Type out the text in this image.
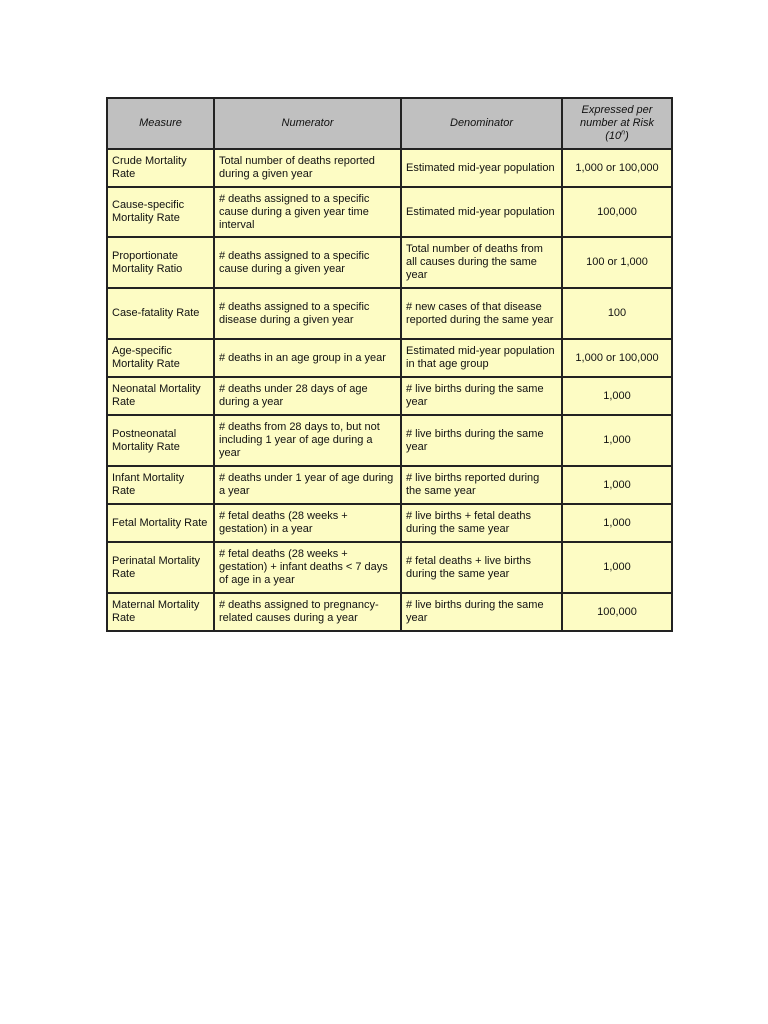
Measure	Numerator	Denominator	Expressed per number at Risk (10$^n$)
Crude Mortality Rate	Total number of deaths reported during a given year	Estimated mid-year population	1,000 or 100,000
Cause-specific Mortality Rate	# deaths assigned to a specific cause during a given year time interval	Estimated mid-year population	100,000
Proportionate Mortality Ratio	# deaths assigned to a specific cause during a given year	Total number of deaths from all causes during the same year	100 or 1,000
Case-fatality Rate	# deaths assigned to a specific disease during a given year	# new cases of that disease reported during the same year	100
Age-specific Mortality Rate	# deaths in an age group in a year	Estimated mid-year population in that age group	1,000 or 100,000
Neonatal Mortality Rate	# deaths under 28 days of age during a year	# live births during the same year	1,000
Postneonatal Mortality Rate	# deaths from 28 days to, but not including 1 year of age during a year	# live births during the same year	1,000
Infant Mortality Rate	# deaths under 1 year of age during a year	# live births reported during the same year	1,000
Fetal Mortality Rate	# fetal deaths (28 weeks + gestation) in a year	# live births + fetal deaths during the same year	1,000
Perinatal Mortality Rate	# fetal deaths (28 weeks + gestation) + infant deaths < 7 days of age in a year	# fetal deaths + live births during the same year	1,000
Maternal Mortality Rate	# deaths assigned to pregnancy-related causes during a year	# live births during the same year	100,000
